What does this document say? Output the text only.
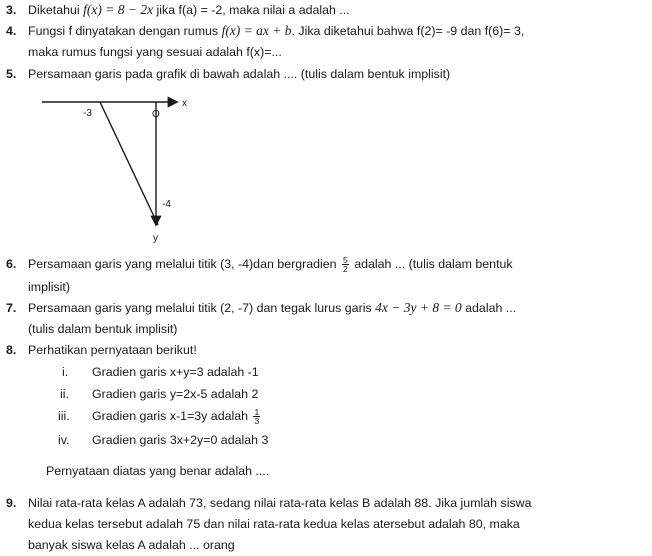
3. Diketahui f(x) = 8 − 2x jika f(a) = -2, maka nilai a adalah ...
4. Fungsi f dinyatakan dengan rumus f(x) = ax + b. Jika diketahui bahwa f(2)= -9 dan f(6)= 3,
maka rumus fungsi yang sesuai adalah f(x)=...
5. Persamaan garis pada grafik di bawah adalah .... (tulis dalam bentuk implisit)
x
-3	O
-4
y
6. Persamaan garis yang melalui titik (3, -4)dan bergradien $\frac{5}{2}$ adalah ... (tulis dalam bentuk
implisit)
7. Persamaan garis yang melalui titik (2, -7) dan tegak lurus garis 4x − 3y + 8 = 0 adalah ...
(tulis dalam bentuk implisit)
8. Perhatikan pernyataan berikut!
i. Gradien garis x+y=3 adalah -1
ii. Gradien garis y=2x-5 adalah 2
iii. Gradien garis x-1=3y adalah $\frac{1}{3}$
iv. Gradien garis 3x+2y=0 adalah 3
Pernyataan diatas yang benar adalah ....
9. Nilai rata-rata kelas A adalah 73, sedang nilai rata-rata kelas B adalah 88. Jika jumlah siswa
kedua kelas tersebut adalah 75 dan nilai rata-rata kedua kelas atersebut adalah 80, maka
banyak siswa kelas A adalah ... orang
